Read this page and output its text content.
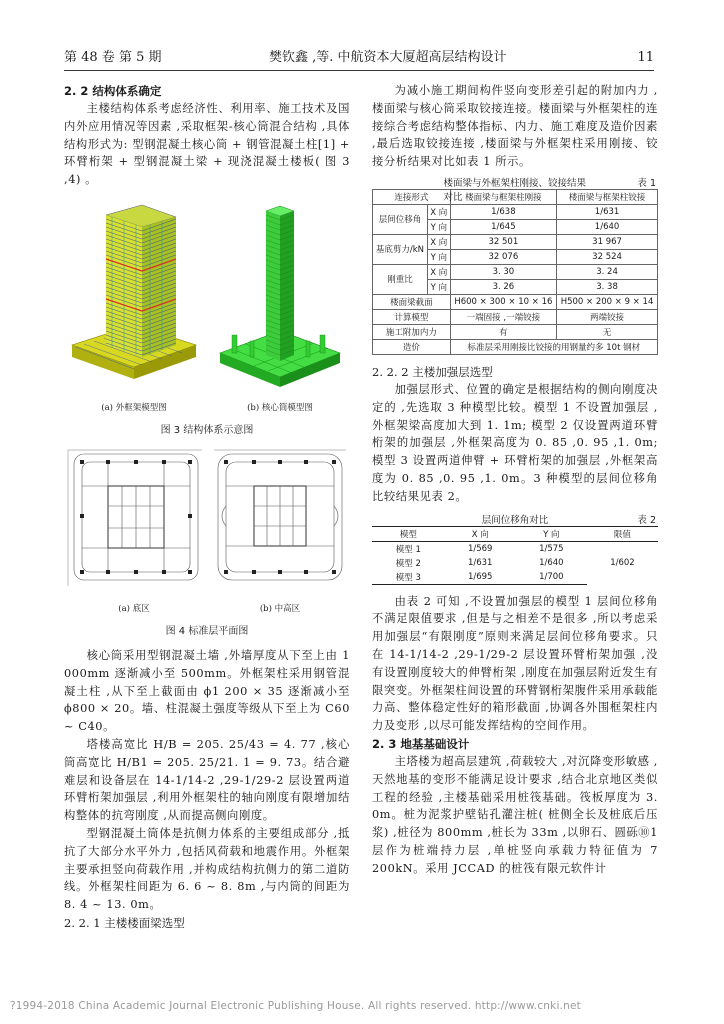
第 48 卷 第 5 期	樊钦鑫 ,等. 中航资本大厦超高层结构设计	11
2. 2 结构体系确定
主楼结构体系考虑经济性、利用率、施工技术及国内外应用情况等因素 ,采取框架-核心筒混合结构 ,具体结构形式为: 型钢混凝土核心筒 + 钢管混凝土柱[1] + 环臂桁架 + 型钢混凝土梁 + 现浇混凝土楼板( 图 3 ,4) 。
(a) 外框架模型图	(b) 核心筒模型图
图 3 结构体系示意图
(a) 底区	(b) 中高区
图 4 标准层平面图
核心筒采用型钢混凝土墙 ,外墙厚度从下至上由 1 000mm 逐渐减小至 500mm。外框架柱采用钢管混凝土柱 ,从下至上截面由 ϕ1 200 × 35 逐渐减小至 ϕ800 × 20。墙、柱混凝土强度等级从下至上为 C60 ~ C40。
塔楼高宽比 H/B = 205. 25/43 = 4. 77 ,核心筒高宽比 H/B1 = 205. 25/21. 1 = 9. 73。结合避难层和设备层在 14-1/14-2 ,29-1/29-2 层设置两道环臂桁架加强层 ,利用外框架柱的轴向刚度有限增加结构整体的抗弯刚度 ,从而提高侧向刚度。
型钢混凝土筒体是抗侧力体系的主要组成部分 ,抵抗了大部分水平外力 ,包括风荷载和地震作用。外框架主要承担竖向荷载作用 ,并构成结构抗侧力的第二道防线。外框架柱间距为 6. 6 ~ 8. 8m ,与内筒的间距为 8. 4 ~ 13. 0m。
2. 2. 1 主楼楼面梁选型
为减小施工期间构件竖向变形差引起的附加内力 ,楼面梁与核心筒采取铰接连接。楼面梁与外框架柱的连接综合考虑结构整体指标、内力、施工难度及造价因素 ,最后选取铰接连接 ,楼面梁与外框架柱采用刚接、铰接分析结果对比如表 1 所示。
楼面梁与外框架柱刚接、铰接结果对比
表 1
连接形式		楼面梁与框架柱刚接	楼面梁与框架柱铰接
层间位移角	X 向	1/638	1/631
	Y 向	1/645	1/640
基底剪力/kN	X 向	32 501	31 967
	Y 向	32 076	32 524
刚重比	X 向	3. 30	3. 24
	Y 向	3. 26	3. 38
楼面梁截面		H600 × 300 × 10 × 16	H500 × 200 × 9 × 14
计算模型		一端固接 ,一端铰接	两端铰接
施工附加内力		有	无
造价		标准层采用刚接比铰接的用钢量约多 10t 钢材	
2. 2. 2 主楼加强层选型
加强层形式、位置的确定是根据结构的侧向刚度决定的 ,先选取 3 种模型比较。模型 1 不设置加强层 ,外框架梁高度加大到 1. 1m; 模型 2 仅设置两道环臂桁架的加强层 ,外框架高度为 0. 85 ,0. 95 ,1. 0m; 模型 3 设置两道伸臂 + 环臂桁架的加强层 ,外框架高度为 0. 85 ,0. 95 ,1. 0m。3 种模型的层间位移角比较结果见表 2。
层间位移角对比	表 2
模型	X 向	Y 向	限值
模型 1	1/569	1/575	1/602
模型 2	1/631	1/640	
模型 3	1/695	1/700	
由表 2 可知 ,不设置加强层的模型 1 层间位移角不满足限值要求 ,但是与之相差不是很多 ,所以考虑采用加强层“有限刚度”原则来满足层间位移角要求。只在 14-1/14-2 ,29-1/29-2 层设置环臂桁架加强 ,没有设置刚度较大的伸臂桁架 ,刚度在加强层附近发生有限突变。外框架柱间设置的环臂钢桁架腹件采用承载能力高、整体稳定性好的箱形截面 ,协调各外围框架柱内力及变形 ,以尽可能发挥结构的空间作用。
2. 3 地基基础设计
主塔楼为超高层建筑 ,荷载较大 ,对沉降变形敏感 ,天然地基的变形不能满足设计要求 ,结合北京地区类似工程的经验 ,主楼基础采用桩筏基础。筏板厚度为 3. 0m。桩为泥浆护壁钻孔灌注桩( 桩侧全长及桩底后压浆) ,桩径为 800mm ,桩长为 33m ,以卵石、圆砾⑩1 层作为桩端持力层 ,单桩竖向承载力特征值为 7 200kN。采用 JCCAD 的桩筏有限元软件计
?1994-2018 China Academic Journal Electronic Publishing House. All rights reserved. http://www.cnki.net
